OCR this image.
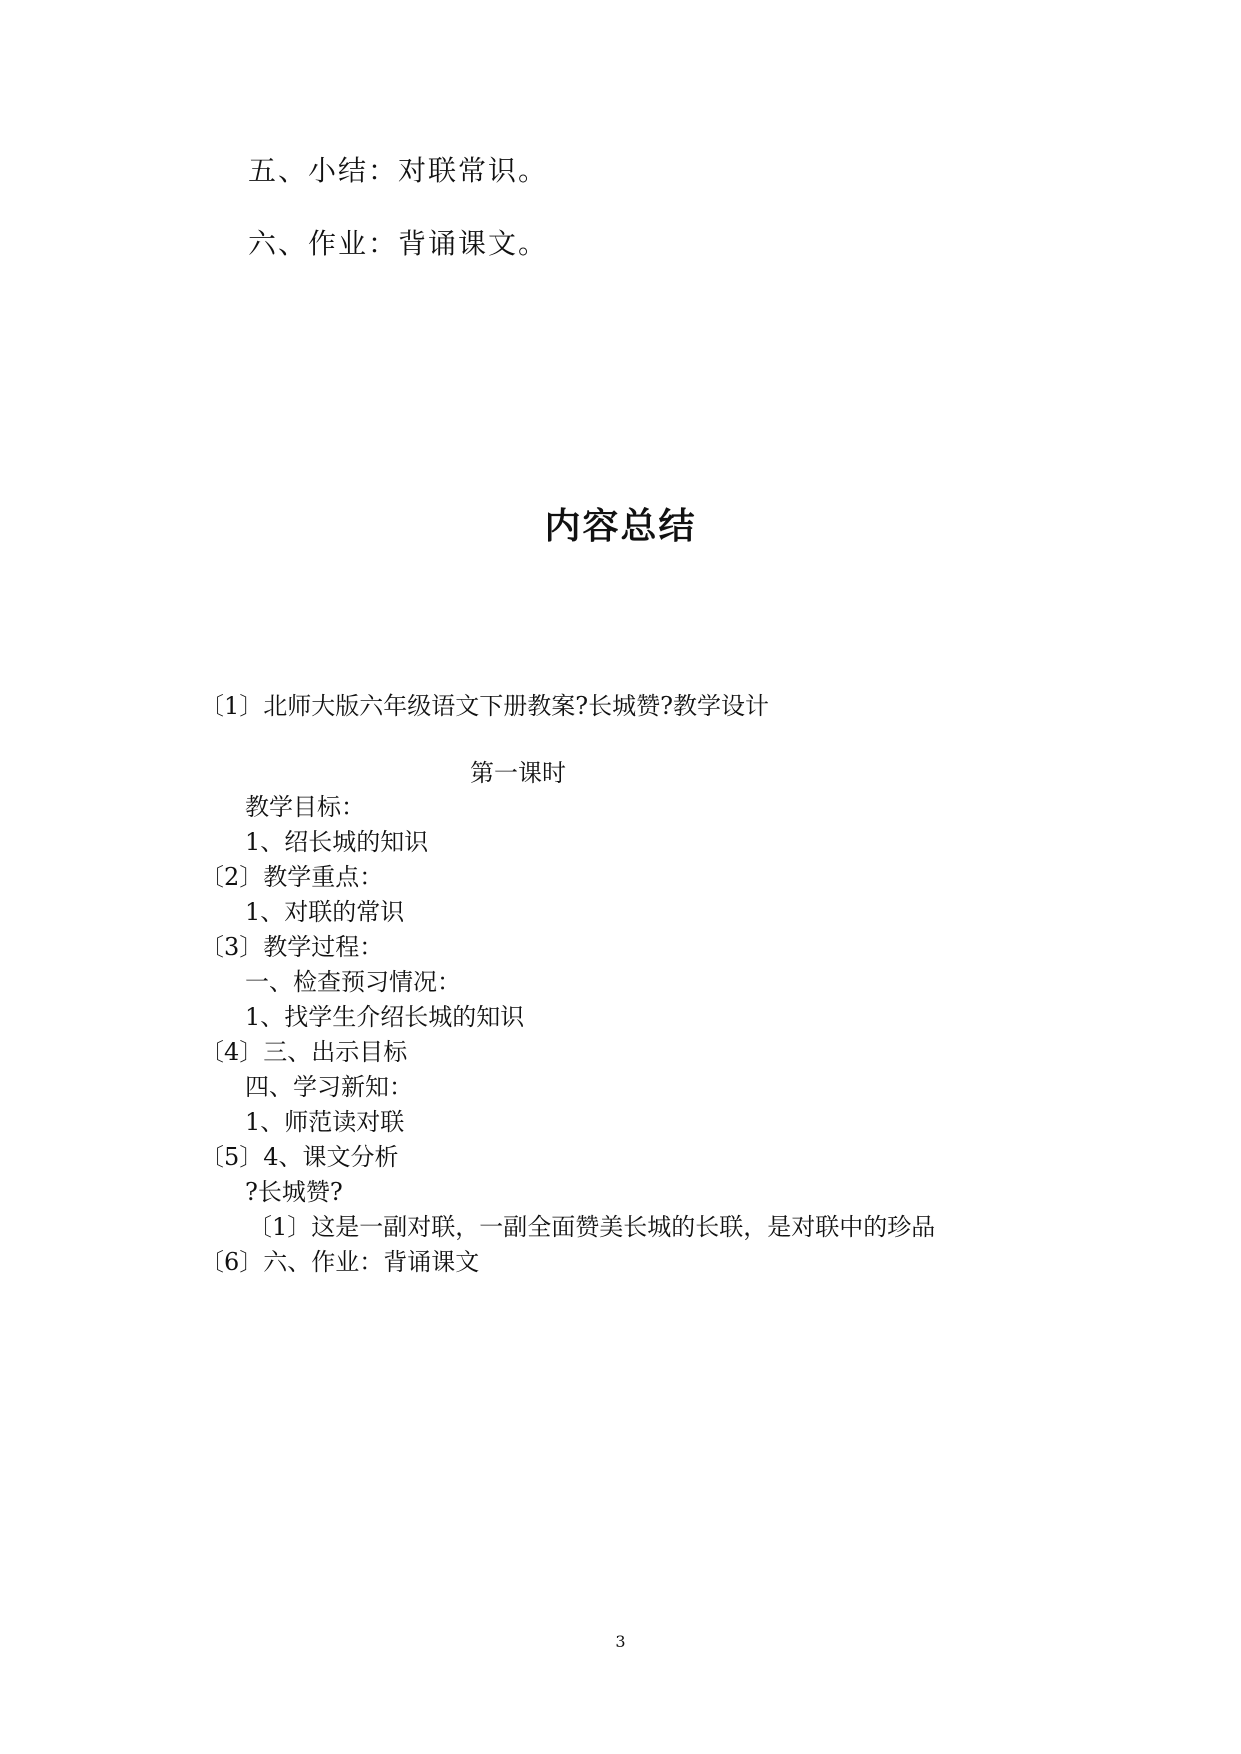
五、小结：对联常识。
六、作业：背诵课文。
内容总结
〔1〕北师大版六年级语文下册教案?长城赞?教学设计
第一课时
教学目标：
1、绍长城的知识
〔2〕教学重点：
1、对联的常识
〔3〕教学过程：
一、检查预习情况：
1、找学生介绍长城的知识
〔4〕三、出示目标
四、学习新知：
1、师范读对联
〔5〕4、课文分析
?长城赞?
〔1〕这是一副对联，一副全面赞美长城的长联，是对联中的珍品
〔6〕六、作业：背诵课文
3
